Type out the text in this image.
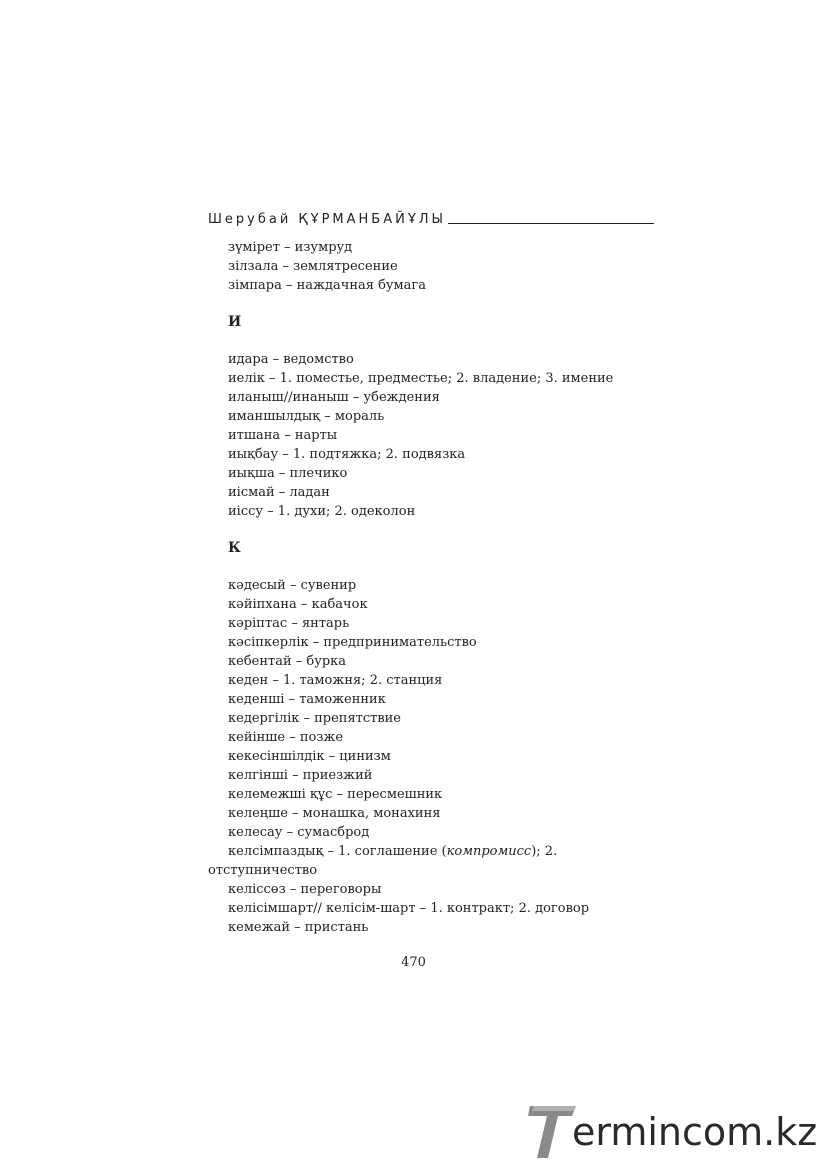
Шерубай ҚҰРМАНБАЙҰЛЫ
зүмірет – изумруд
зілзала – землятресение
зімпара – наждачная бумага
И
идара – ведомство
иелік – 1. поместье, предместье; 2. владение; 3. имение
иланыш//инаныш – убеждения
иманшылдық – мораль
итшана – нарты
иықбау – 1. подтяжка; 2. подвязка
иықша – плечико
иісмай – ладан
иіссу – 1. духи; 2. одеколон
К
кәдесый – сувенир
кәйіпхана – кабачок
кәріптас – янтарь
кәсіпкерлік – предпринимательство
кебентай – бурка
кеден – 1. таможня; 2. станция
кеденші – таможенник
кедергілік – препятствие
кейінше – позже
кекесіншілдік – цинизм
келгінші – приезжий
келемежші құс – пересмешник
келеңше – монашка, монахиня
келесау – сумасброд
келсімпаздық – 1. соглашение (компромисс); 2. отступничество
келіссөз – переговоры
келісімшарт// келісім-шарт – 1. контракт; 2. договор
кемежай – пристань
470
ermincom.kz
